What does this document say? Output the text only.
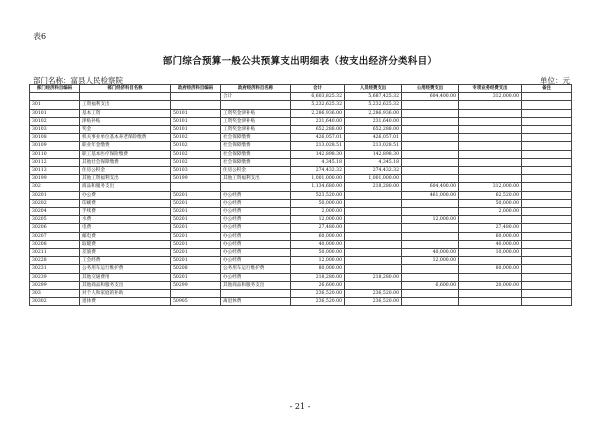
表6
部门综合预算一般公共预算支出明细表（按支出经济分类科目）
部门名称：富县人民检察院	单位：元
部门经济科目编码	部门经济科目名称	政府经济科目编码	政府经济科目名称	合计	人员经费支出	公用经费支出	专项业务经费支出	备注
			合计	6,603,825.32	5,687,425.32	604,400.00	312,000.00	
301	工资福利支出			5,232,625.32	5,232,625.32			
30101	基本工资	50101	工资奖金津补贴	2,286,936.00	2,286,936.00			
30102	津贴补贴	50101	工资奖金津补贴	231,640.00	231,640.00			
30103	奖金	50101	工资奖金津补贴	652,288.00	652,288.00			
30108	机关事业单位基本养老保险缴费	50102	社会保障缴费	426,057.01	426,057.01			
30109	职业年金缴费	50102	社会保障缴费	213,028.51	213,028.51			
30110	职工基本医疗保险缴费	50102	社会保障缴费	142,898.30	142,898.30			
30112	其他社会保障缴费	50102	社会保障缴费	4,345.18	4,345.18			
30113	住房公积金	50103	住房公积金	274,432.32	274,432.32			
30199	其他工资福利支出	50199	其他工资福利支出	1,001,000.00	1,001,000.00			
302	商品和服务支出			1,134,680.00	218,280.00	604,400.00	312,000.00	
30201	办公费	50201	办公经费	523,520.00		461,000.00	62,520.00	
30202	印刷费	50201	办公经费	50,000.00			50,000.00	
30204	手续费	50201	办公经费	2,000.00			2,000.00	
30205	水费	50201	办公经费	12,000.00		12,000.00		
30206	电费	50201	办公经费	27,480.00			27,480.00	
30207	邮电费	50201	办公经费	60,000.00			60,000.00	
30208	取暖费	50201	办公经费	40,000.00			40,000.00	
30211	差旅费	50201	办公经费	50,000.00		40,000.00	10,000.00	
30228	工会经费	50201	办公经费	12,000.00		12,000.00		
30231	公务用车运行维护费	50208	公务用车运行维护费	80,000.00			80,000.00	
30239	其他交通费用	50201	办公经费	218,280.00	218,280.00			
30299	其他商品和服务支出	50299	其他商品和服务支出	26,600.00		6,600.00	20,000.00	
303	对个人和家庭的补助			236,520.00	236,520.00			
30302	退休费	50905	离退休费	236,520.00	236,520.00			
- 21 -
